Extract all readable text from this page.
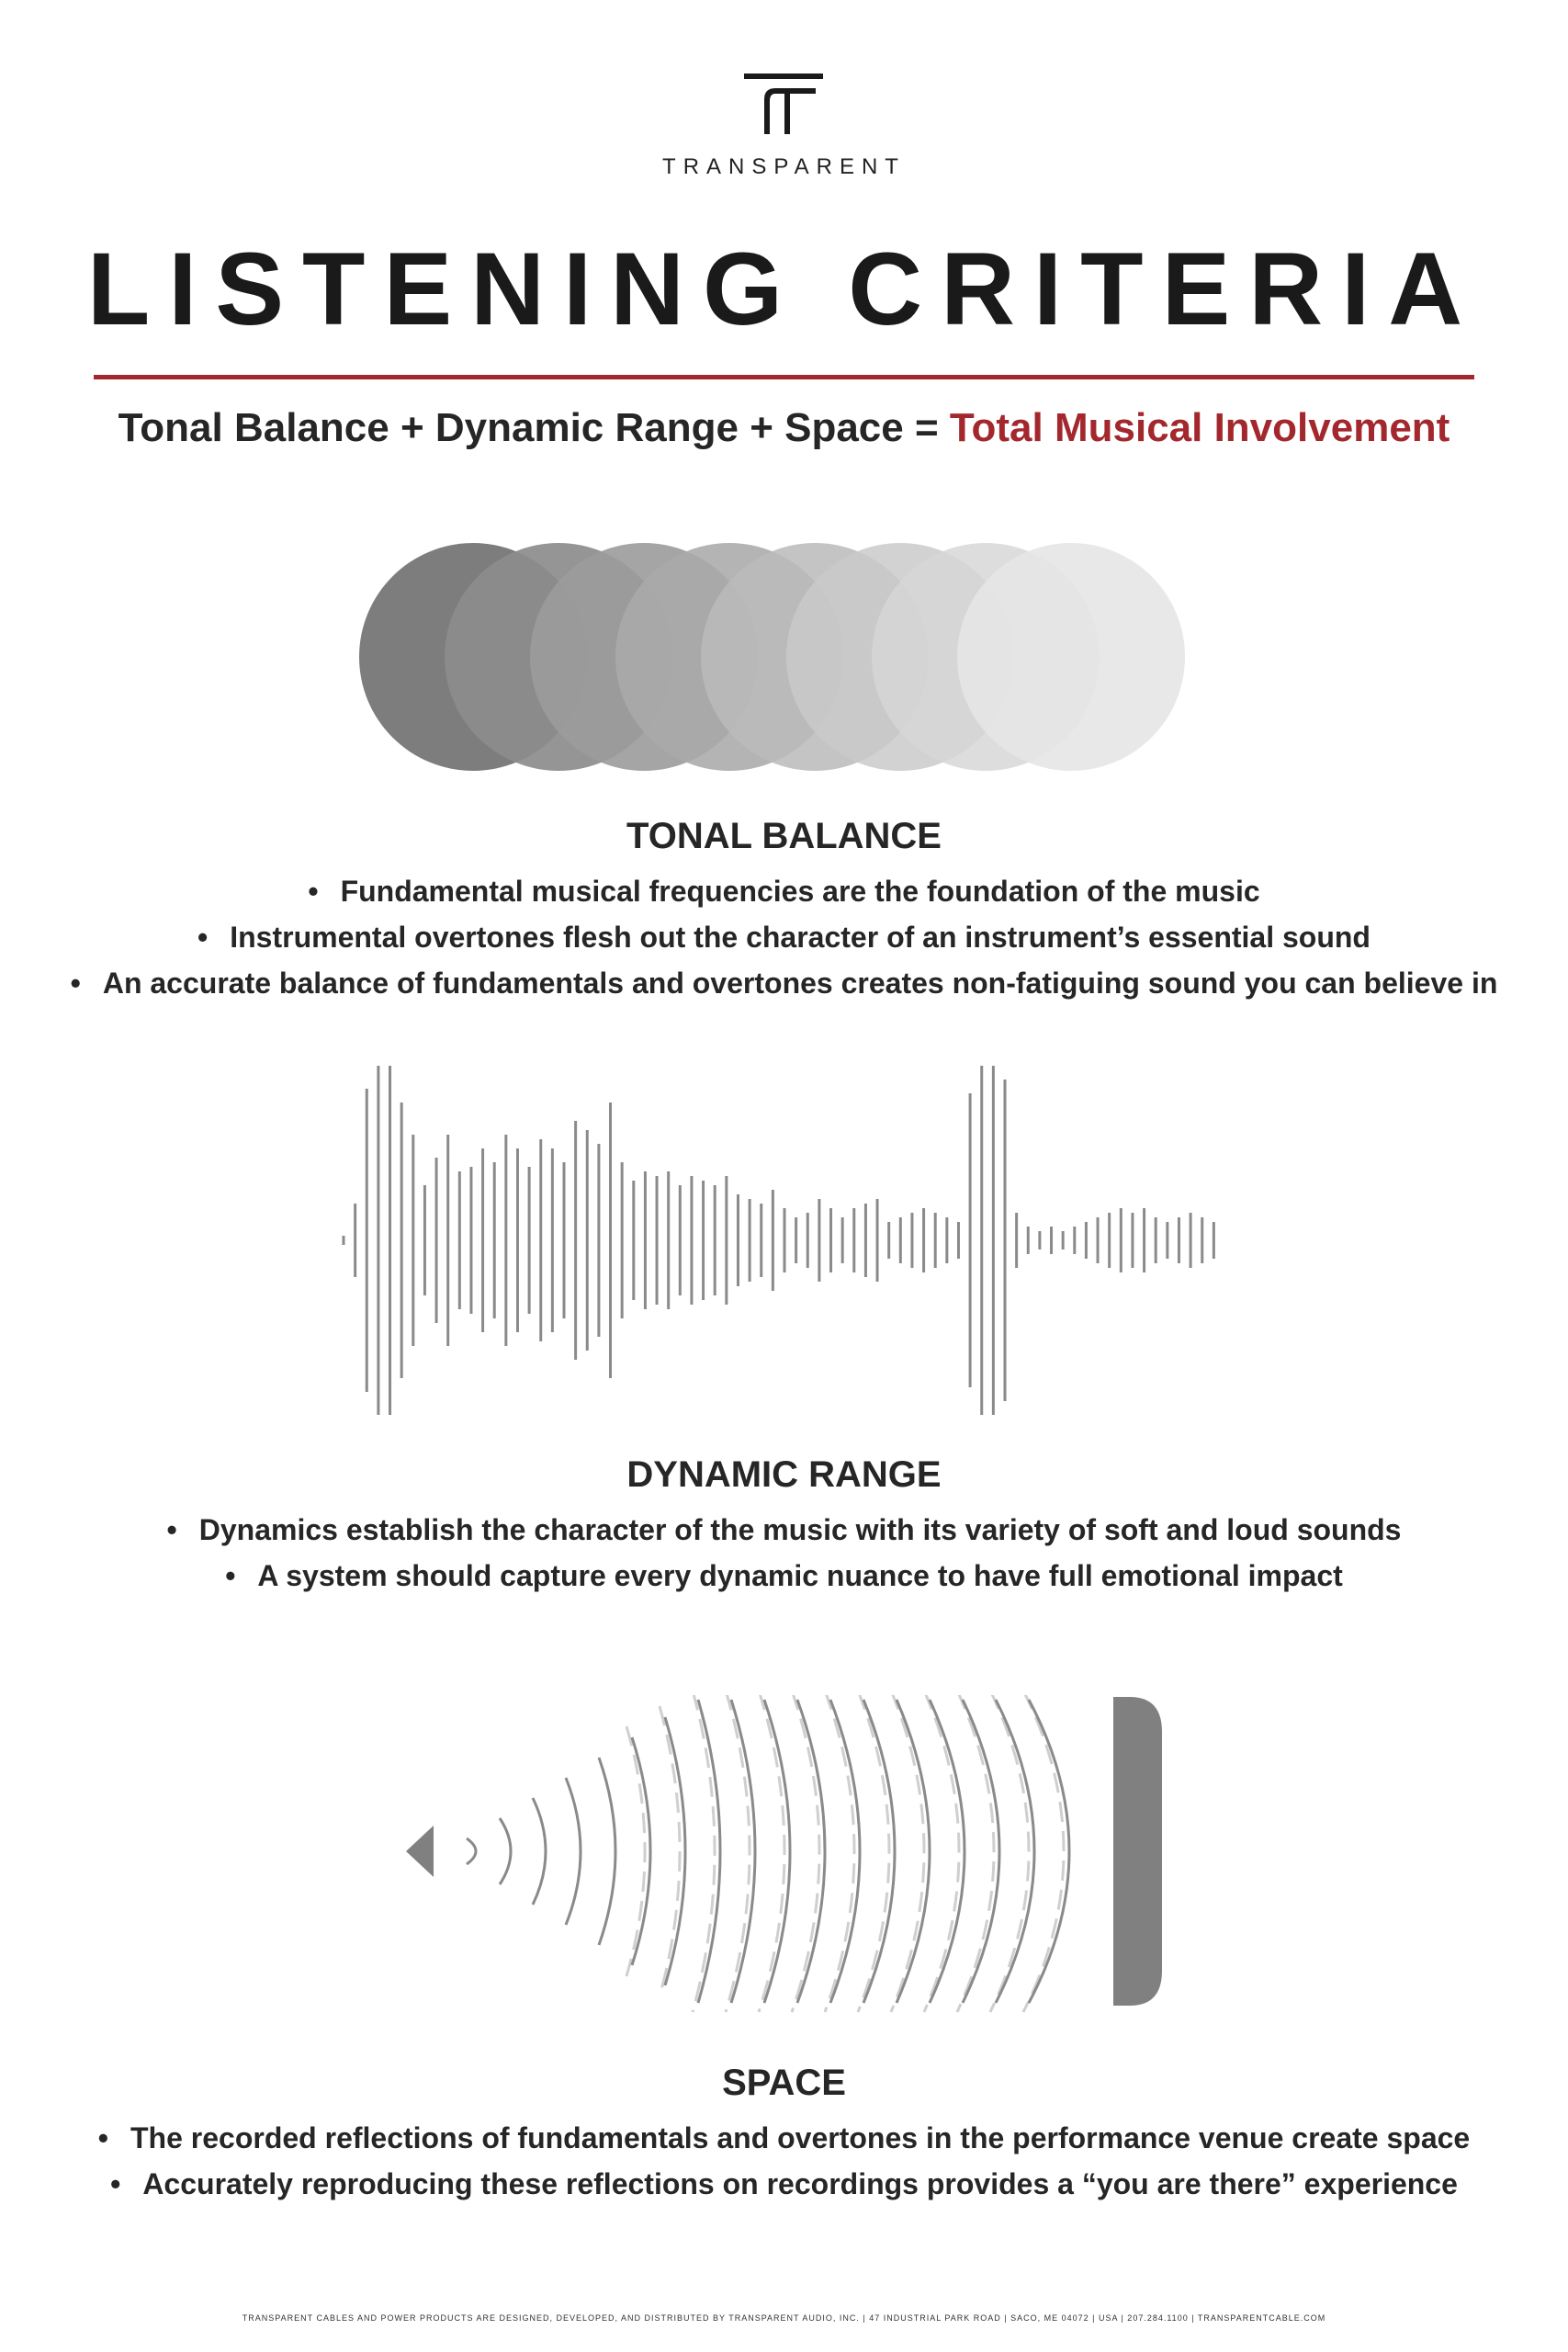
TRANSPARENT
LISTENING CRITERIA
Tonal Balance + Dynamic Range + Space = Total Musical Involvement
TONAL BALANCE
• Fundamental musical frequencies are the foundation of the music
• Instrumental overtones flesh out the character of an instrument’s essential sound
• An accurate balance of fundamentals and overtones creates non-fatiguing sound you can believe in
DYNAMIC RANGE
• Dynamics establish the character of the music with its variety of soft and loud sounds
• A system should capture every dynamic nuance to have full emotional impact
SPACE
• The recorded reflections of fundamentals and overtones in the performance venue create space
• Accurately reproducing these reflections on recordings provides a “you are there” experience
TRANSPARENT CABLES AND POWER PRODUCTS ARE DESIGNED, DEVELOPED, AND DISTRIBUTED BY TRANSPARENT AUDIO, INC. | 47 INDUSTRIAL PARK ROAD | SACO, ME 04072 | USA | 207.284.1100 | TRANSPARENTCABLE.COM
